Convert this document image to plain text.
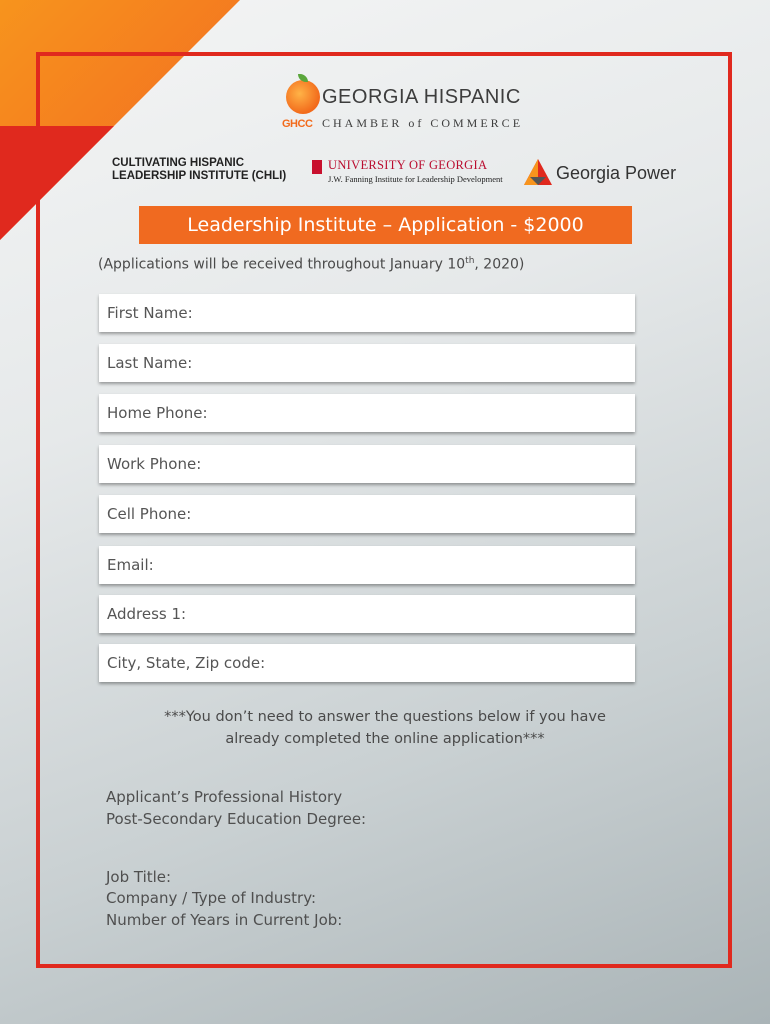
GHCC
GEORGIA HISPANIC
CHAMBER of COMMERCE
CULTIVATING HISPANIC
LEADERSHIP INSTITUTE (CHLI)
UNIVERSITY OF GEORGIA
J.W. Fanning Institute for Leadership Development	Georgia Power
Leadership Institute – Application - $2000
(Applications will be received throughout January 10th, 2020)
First Name:
Last Name:
Home Phone:
Work Phone:
Cell Phone:
Email:
Address 1:
City, State, Zip code:
***You don’t need to answer the questions below if you have
already completed the online application***
Applicant’s Professional History
Post-Secondary Education Degree:
Job Title:
Company / Type of Industry:
Number of Years in Current Job:
